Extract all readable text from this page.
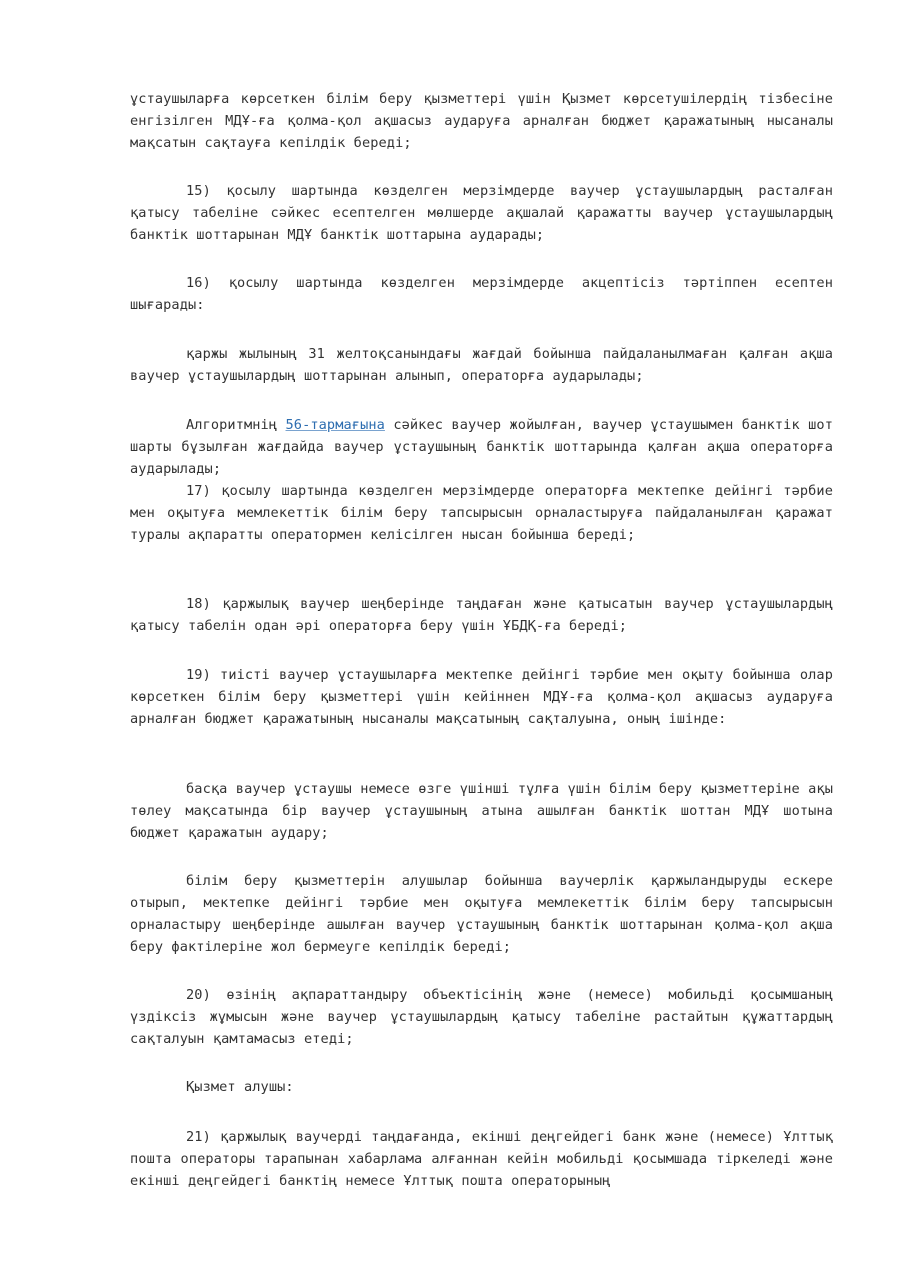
ұстаушыларға көрсеткен білім беру қызметтері үшін Қызмет көрсетушілердің тізбесіне енгізілген МДҰ-ға қолма-қол ақшасыз аударуға арналған бюджет қаражатының нысаналы мақсатын сақтауға кепілдік береді;

15) қосылу шартында көзделген мерзімдерде ваучер ұстаушылардың расталған қатысу табеліне сәйкес есептелген мөлшерде ақшалай қаражатты ваучер ұстаушылардың банктік шоттарынан МДҰ банктік шоттарына аударады;

16) қосылу шартында көзделген мерзімдерде акцептісіз тәртіппен есептен шығарады:

қаржы жылының 31 желтоқсанындағы жағдай бойынша пайдаланылмаған қалған ақша ваучер ұстаушылардың шоттарынан алынып, операторға аударылады;

Алгоритмнің 56-тармағына сәйкес ваучер жойылған, ваучер ұстаушымен банктік шот шарты бұзылған жағдайда ваучер ұстаушының банктік шоттарында қалған ақша операторға аударылады;

17) қосылу шартында көзделген мерзімдерде операторға мектепке дейінгі тәрбие мен оқытуға мемлекеттік білім беру тапсырысын орналастыруға пайдаланылған қаражат туралы ақпаратты оператормен келісілген нысан бойынша береді;

18) қаржылық ваучер шеңберінде таңдаған және қатысатын ваучер ұстаушылардың қатысу табелін одан әрі операторға беру үшін ҰБДҚ-ға береді;

19) тиісті ваучер ұстаушыларға мектепке дейінгі тәрбие мен оқыту бойынша олар көрсеткен білім беру қызметтері үшін кейіннен МДҰ-ға қолма-қол ақшасыз аударуға арналған бюджет қаражатының нысаналы мақсатының сақталуына, оның ішінде:

басқа ваучер ұстаушы немесе өзге үшінші тұлға үшін білім беру қызметтеріне ақы төлеу мақсатында бір ваучер ұстаушының атына ашылған банктік шоттан МДҰ шотына бюджет қаражатын аудару;

білім беру қызметтерін алушылар бойынша ваучерлік қаржыландыруды ескере отырып, мектепке дейінгі тәрбие мен оқытуға мемлекеттік білім беру тапсырысын орналастыру шеңберінде ашылған ваучер ұстаушының банктік шоттарынан қолма-қол ақша беру фактілеріне жол бермеуге кепілдік береді;

20) өзінің ақпараттандыру объектісінің және (немесе) мобильді қосымшаның үздіксіз жұмысын және ваучер ұстаушылардың қатысу табеліне растайтын құжаттардың сақталуын қамтамасыз етеді;

Қызмет алушы:

21) қаржылық ваучерді таңдағанда, екінші деңгейдегі банк және (немесе) Ұлттық пошта операторы тарапынан хабарлама алғаннан кейін мобильді қосымшада тіркеледі және екінші деңгейдегі банктің немесе Ұлттық пошта операторының
